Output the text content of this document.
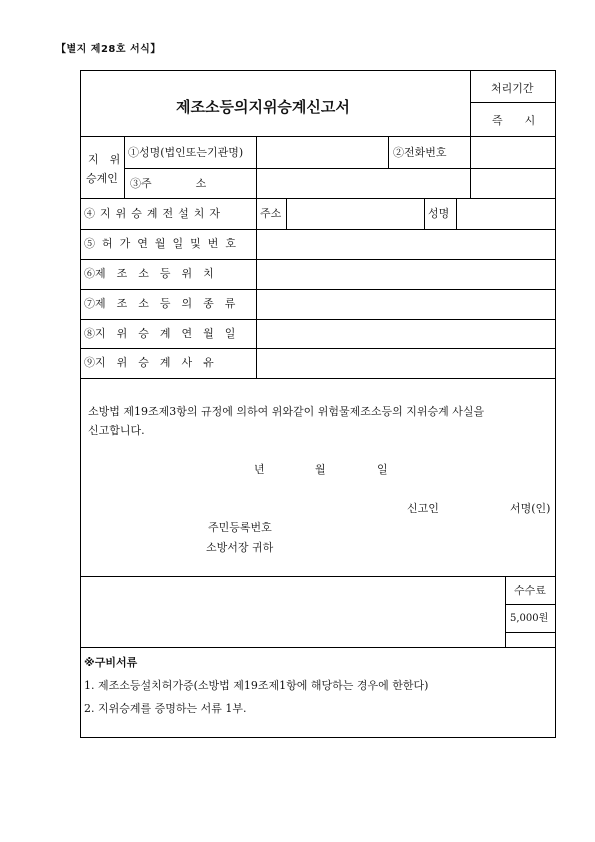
【별지 제28호 서식】
제조소등의지위승계신고서
처리기간
즉　　시
지　위
승계인
①성명(법인또는기관명)	②전화번호
③주　　　　소
④지위승계전설치자	주소	성명
⑤허가연월일및번호
⑥제　조　소　등　위　치
⑦제　조　소　등　의　종　류
⑧지　위　승　계　연　월　일
⑨지　위　승　계　사　유
소방법 제19조제3항의 규정에 의하여 위와같이 위험물제조소등의 지위승계 사실을
신고합니다.
년	월	일
신고인	서명(인)
주민등록번호
소방서장 귀하
수수료
5,000원
※구비서류
1. 제조소등설치허가증(소방법 제19조제1항에 해당하는 경우에 한한다)
2. 지위승계를 증명하는 서류 1부.
